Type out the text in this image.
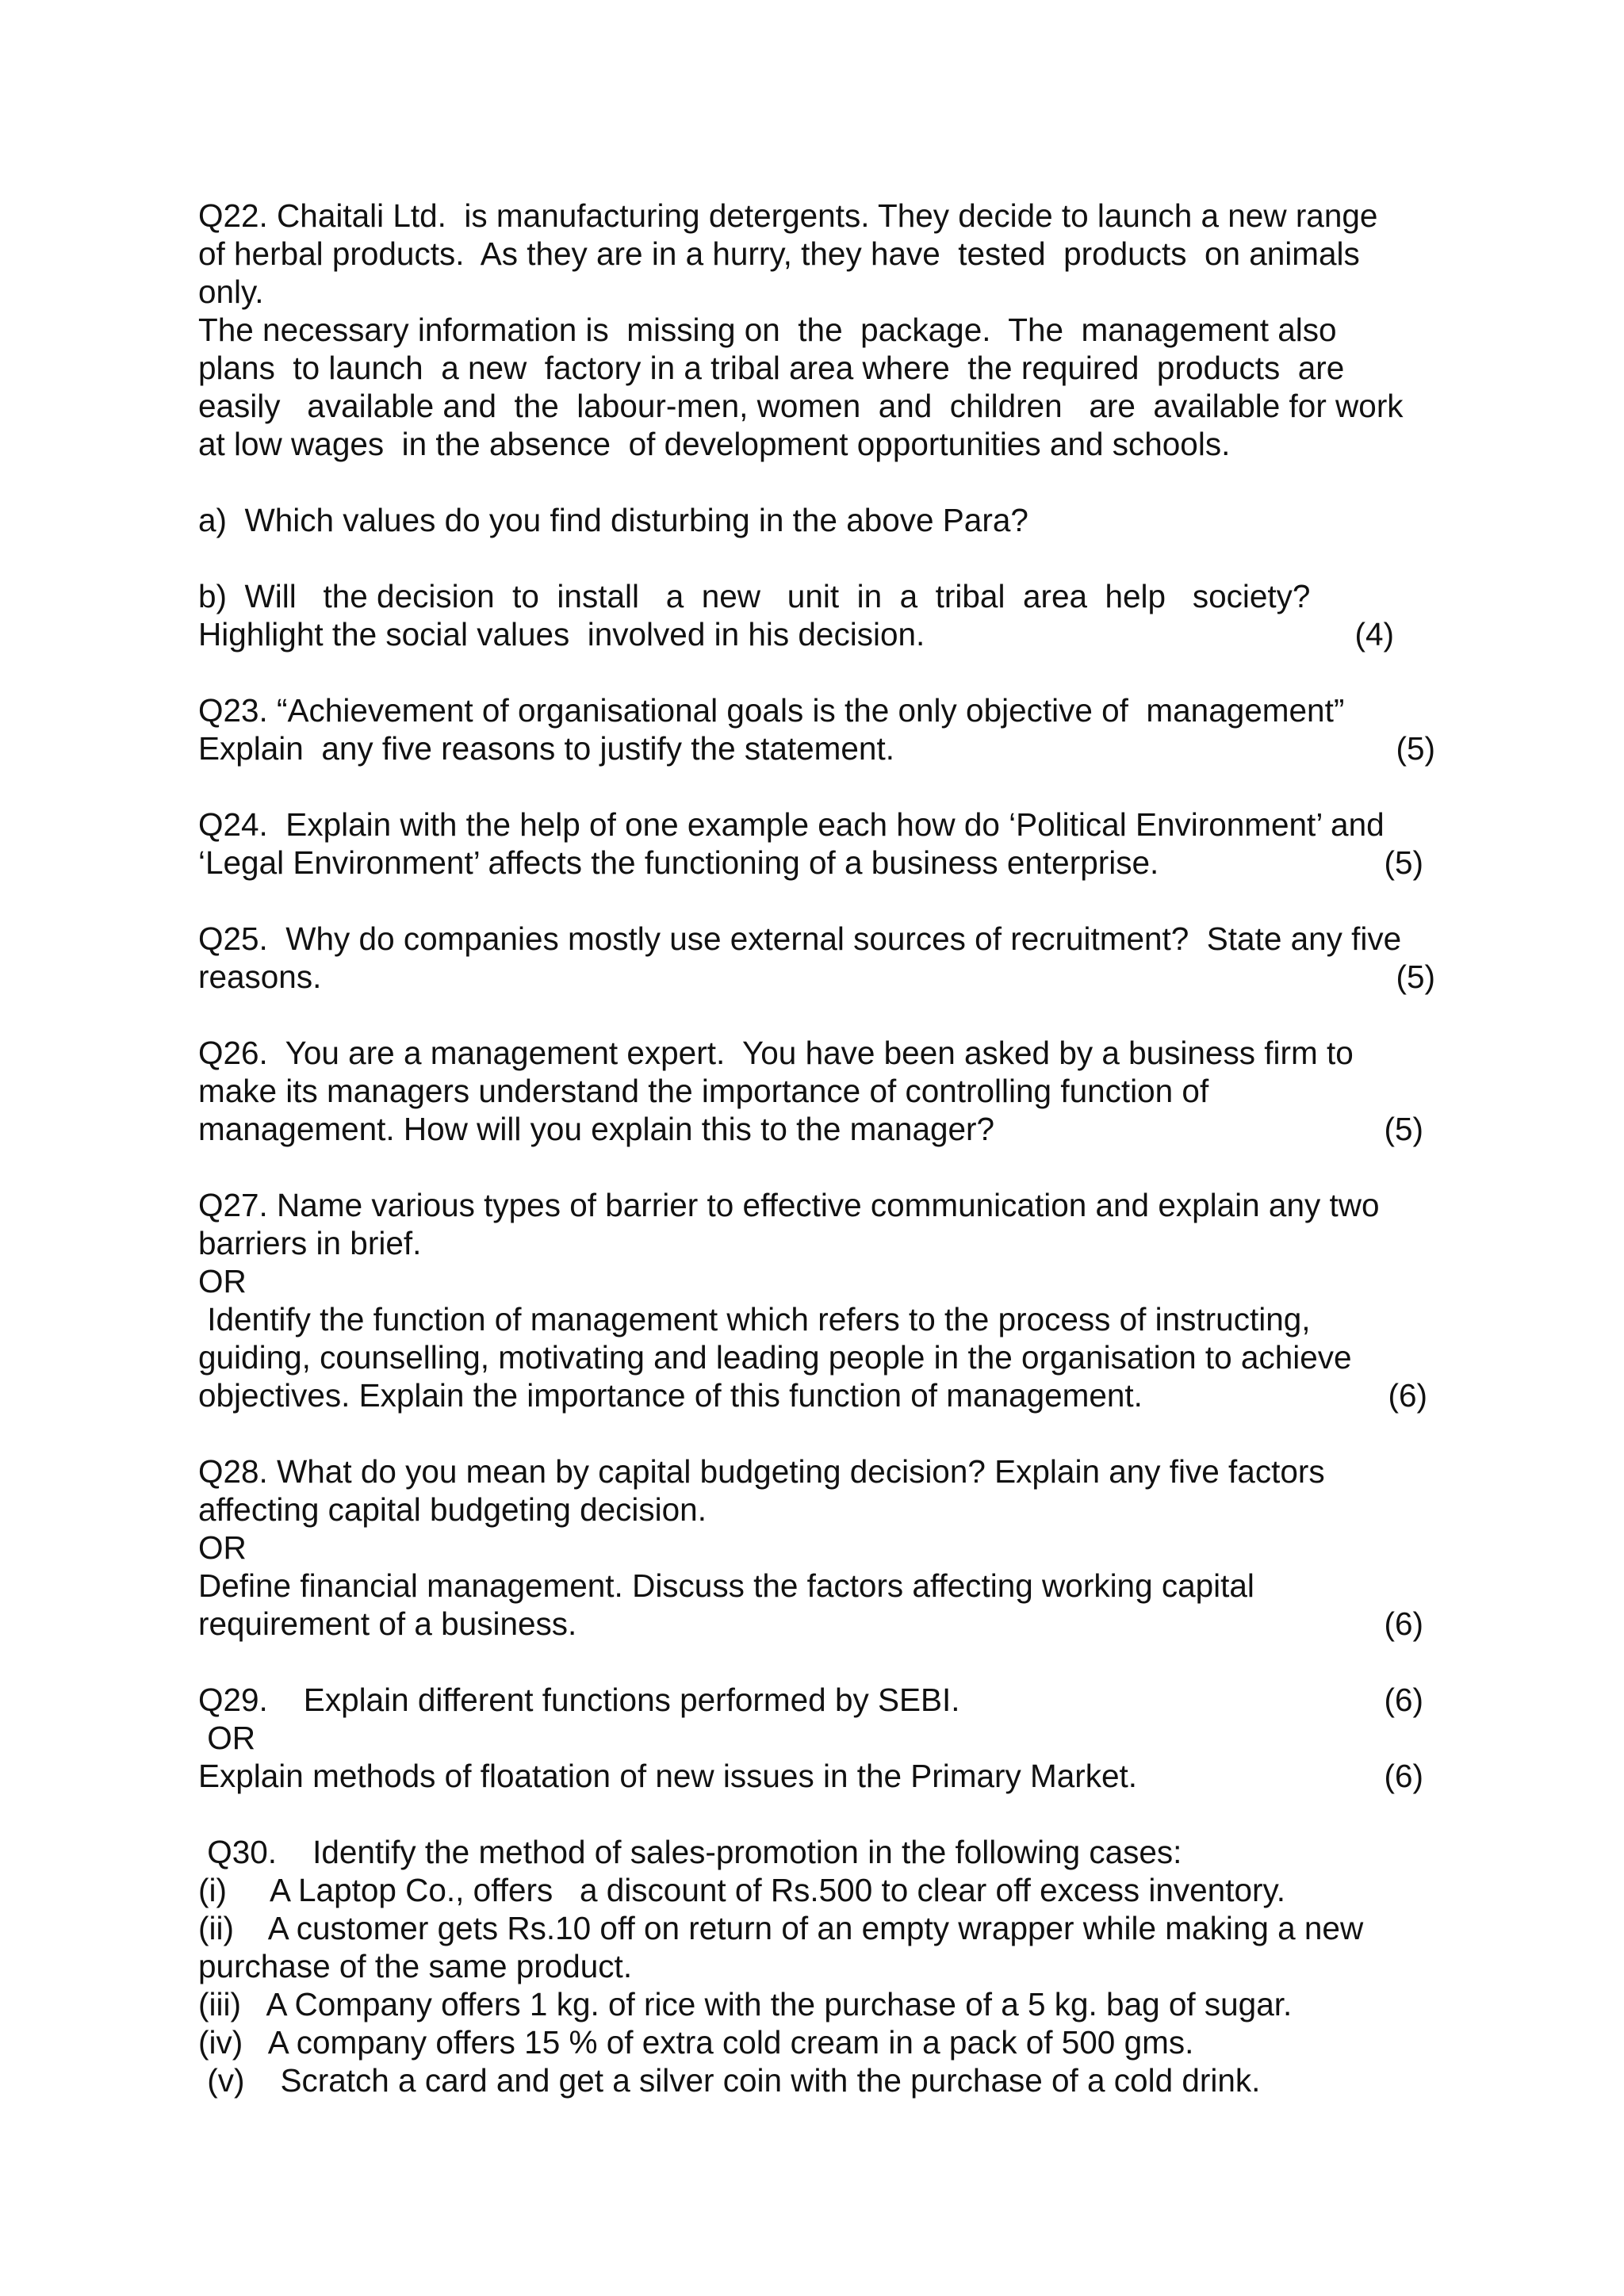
Q22. Chaitali Ltd.  is manufacturing detergents. They decide to launch a new range
of herbal products.  As they are in a hurry, they have  tested  products  on animals
only.
The necessary information is  missing on  the  package.  The  management also
plans  to launch  a new  factory in a tribal area where  the required  products  are
easily   available and  the  labour-men, women  and  children   are  available for work
at low wages  in the absence  of development opportunities and schools.
a)  Which values do you find disturbing in the above Para?
b)  Will   the decision  to  install   a  new   unit  in  a  tribal  area  help   society?
Highlight the social values  involved in his decision.	(4)
Q23. “Achievement of organisational goals is the only objective of  management”
Explain  any five reasons to justify the statement.	(5)
Q24.  Explain with the help of one example each how do ‘Political Environment’ and
‘Legal Environment’ affects the functioning of a business enterprise.	(5)
Q25.  Why do companies mostly use external sources of recruitment?  State any five
reasons.	(5)
Q26.  You are a management expert.  You have been asked by a business firm to
make its managers understand the importance of controlling function of
management. How will you explain this to the manager?	(5)
Q27. Name various types of barrier to effective communication and explain any two
barriers in brief.
OR
Identify the function of management which refers to the process of instructing,
guiding, counselling, motivating and leading people in the organisation to achieve
objectives. Explain the importance of this function of management.	(6)
Q28. What do you mean by capital budgeting decision? Explain any five factors
affecting capital budgeting decision.
OR
Define financial management. Discuss the factors affecting working capital
requirement of a business.	(6)
Q29.    Explain different functions performed by SEBI.	(6)
OR
Explain methods of floatation of new issues in the Primary Market.	(6)
Q30.    Identify the method of sales-promotion in the following cases:
(i)     A Laptop Co., offers   a discount of Rs.500 to clear off excess inventory.
(ii)    A customer gets Rs.10 off on return of an empty wrapper while making a new
purchase of the same product.
(iii)   A Company offers 1 kg. of rice with the purchase of a 5 kg. bag of sugar.
(iv)   A company offers 15 % of extra cold cream in a pack of 500 gms.
(v)    Scratch a card and get a silver coin with the purchase of a cold drink.
